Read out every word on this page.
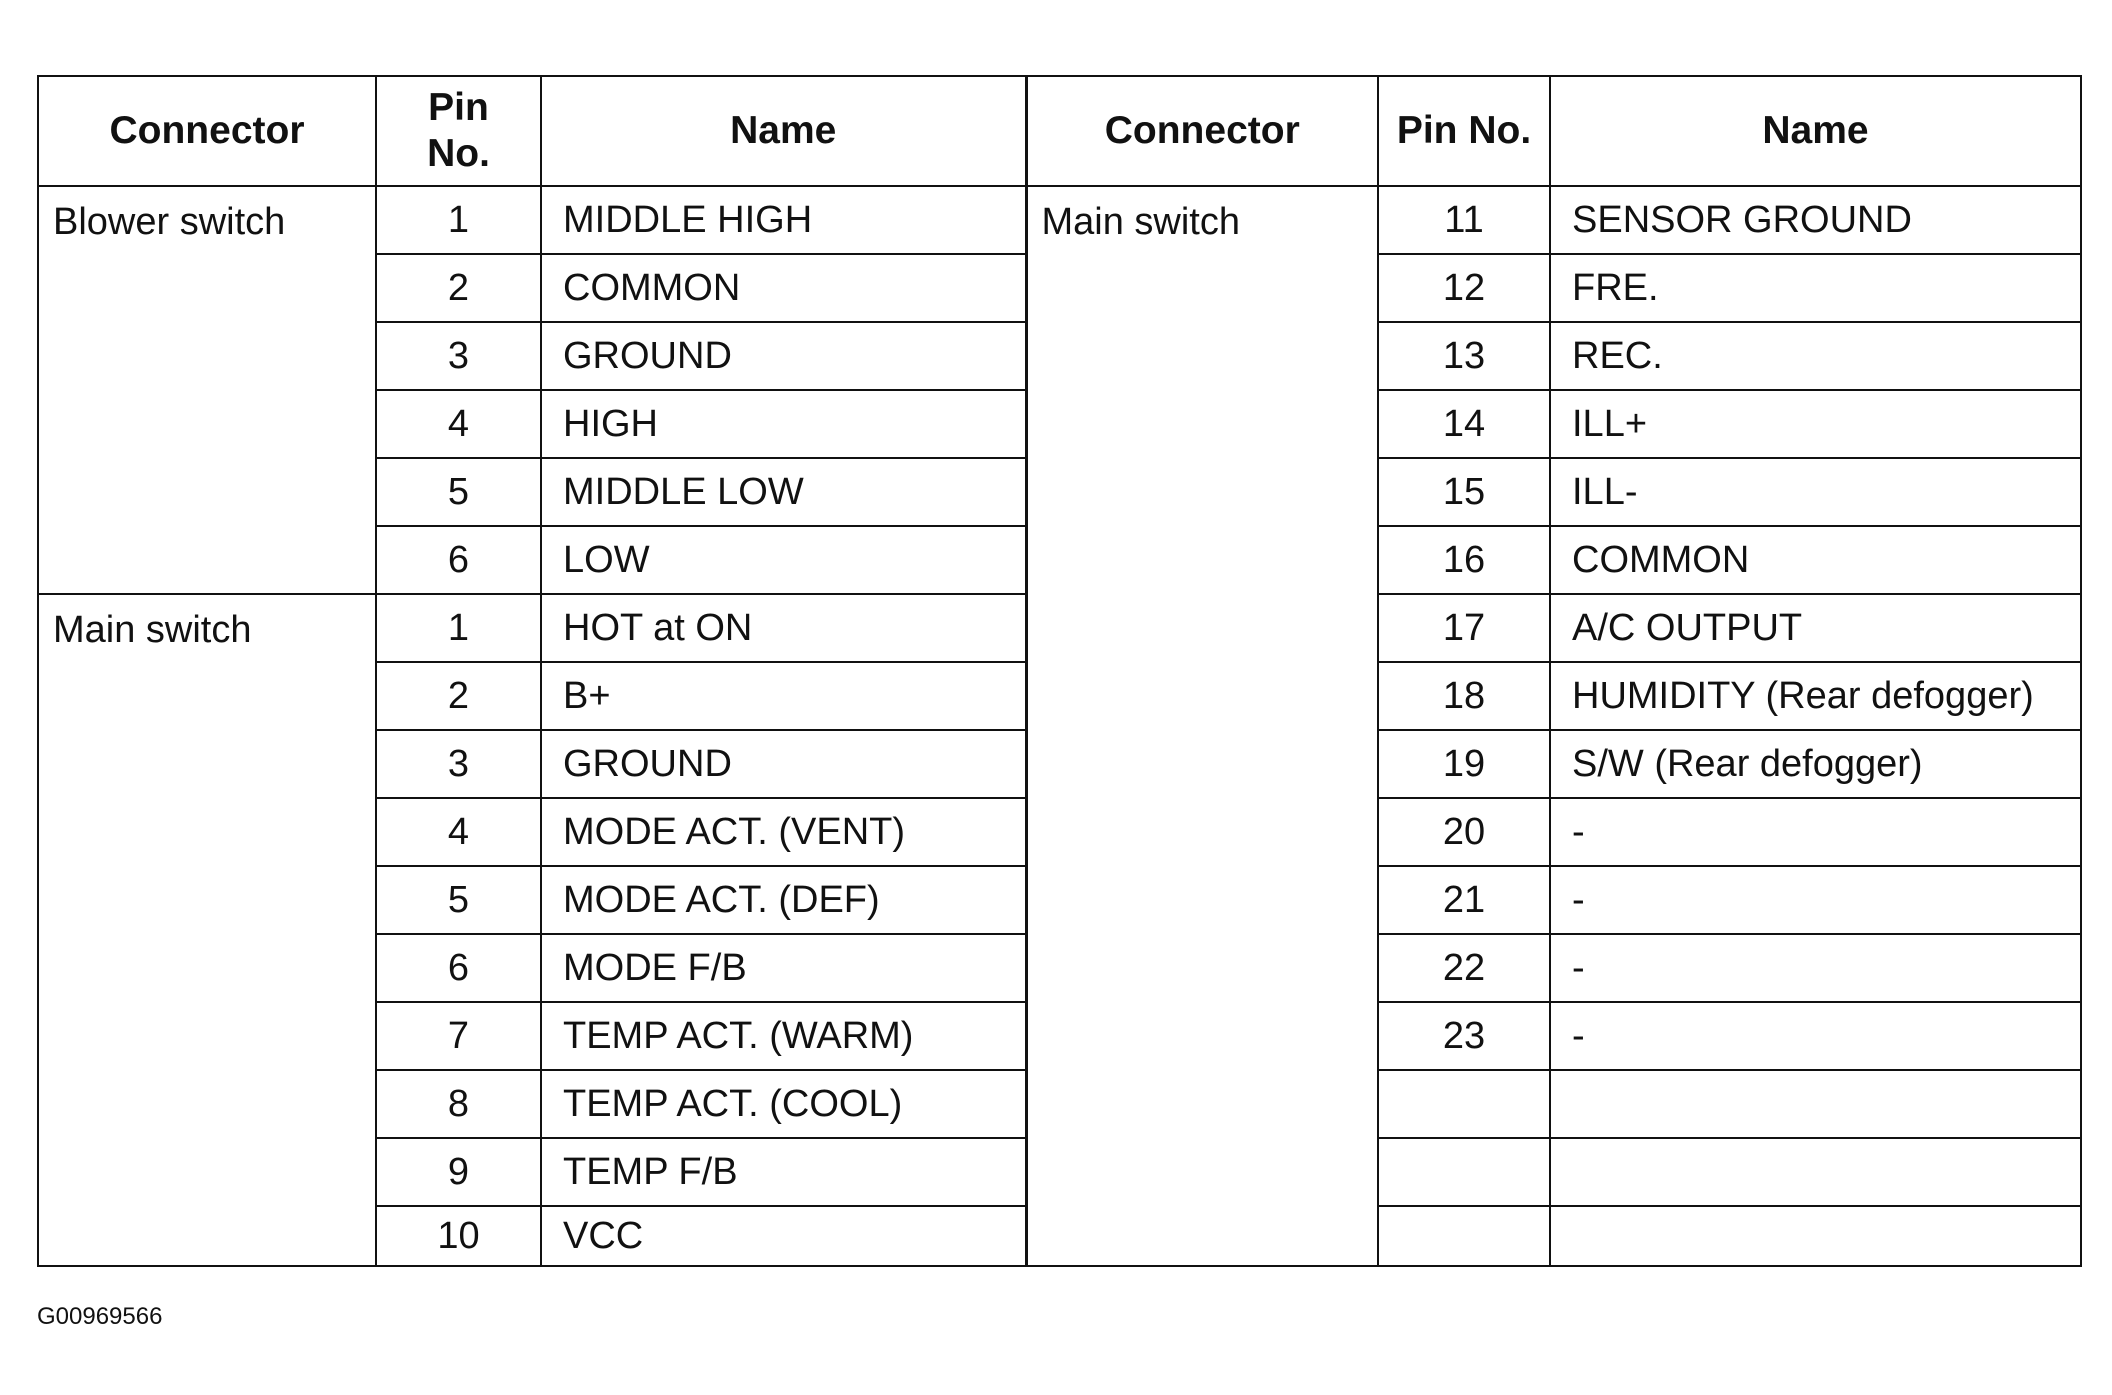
Connector	Pin No.	Name	Connector	Pin No.	Name
Blower switch	1	MIDDLE HIGH	Main switch	11	SENSOR GROUND
	2	COMMON		12	FRE.
	3	GROUND		13	REC.
	4	HIGH		14	ILL+
	5	MIDDLE LOW		15	ILL-
	6	LOW		16	COMMON
Main switch	1	HOT at ON		17	A/C OUTPUT
	2	B+		18	HUMIDITY (Rear defogger)
	3	GROUND		19	S/W (Rear defogger)
	4	MODE ACT. (VENT)		20	-
	5	MODE ACT. (DEF)		21	-
	6	MODE F/B		22	-
	7	TEMP ACT. (WARM)		23	-
	8	TEMP ACT. (COOL)			
	9	TEMP F/B			
	10	VCC			
G00969566
